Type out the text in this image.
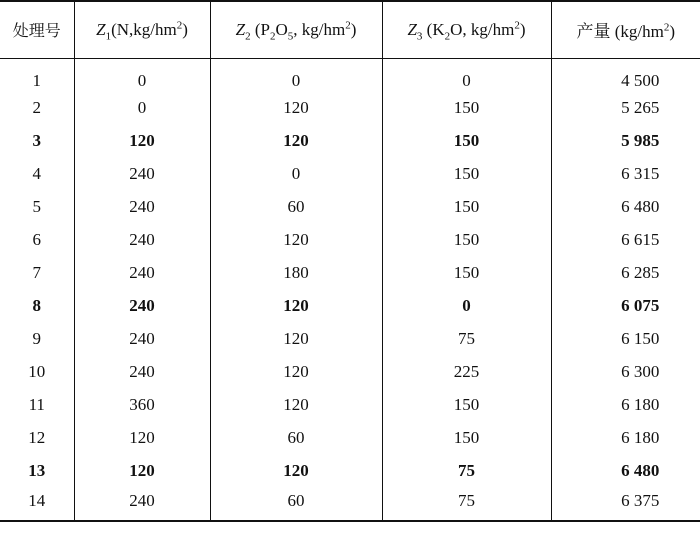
处理号	$Z_1(N,kg/hm^2)$	$Z_2$ ($P_2O_5$, $kg/hm^2$)	$Z_3$ ($K_2O$, $kg/hm^2$)	产量 $(kg/hm^2)$
1	0	0	0	4 500
2	0	120	150	5 265
3	120	120	150	5 985
4	240	0	150	6 315
5	240	60	150	6 480
6	240	120	150	6 615
7	240	180	150	6 285
8	240	120	0	6 075
9	240	120	75	6 150
10	240	120	225	6 300
11	360	120	150	6 180
12	120	60	150	6 180
13	120	120	75	6 480
14	240	60	75	6 375
